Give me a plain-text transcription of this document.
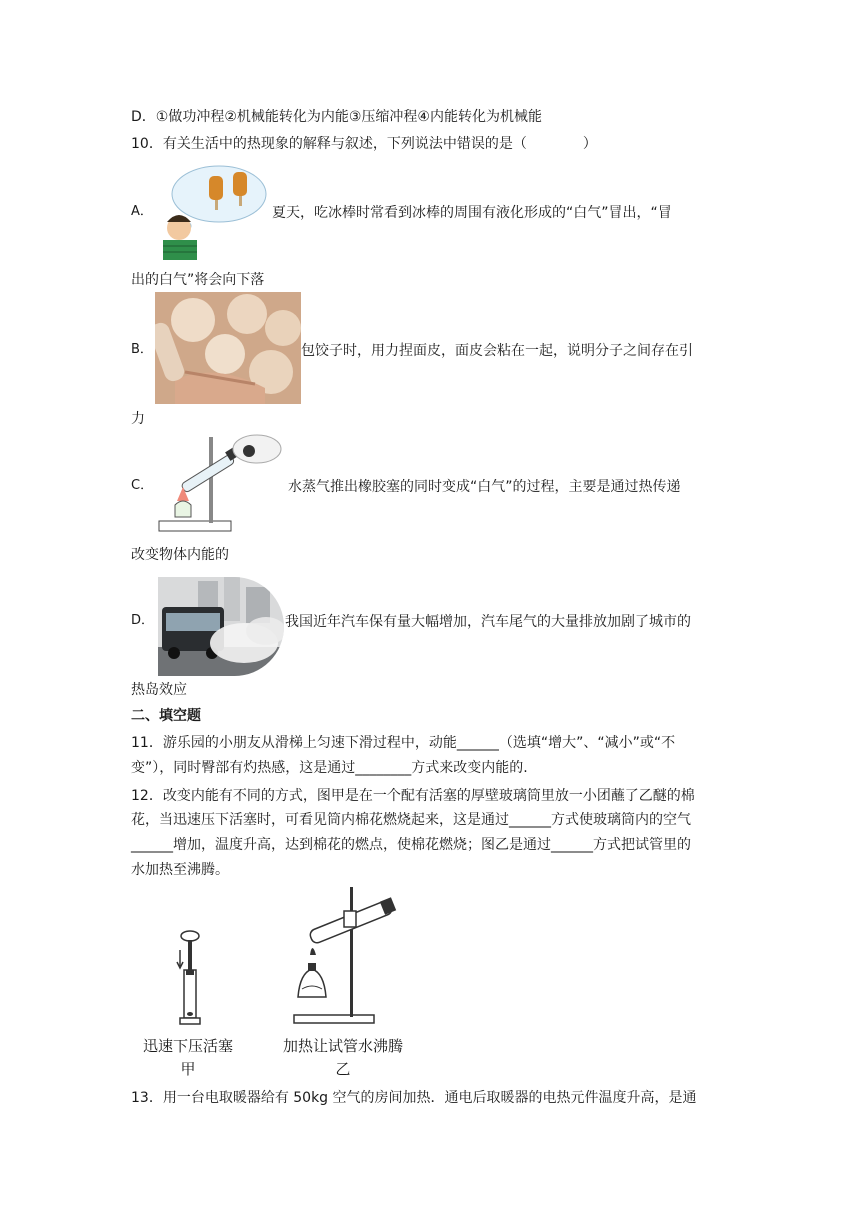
D．①做功冲程②机械能转化为内能③压缩冲程④内能转化为机械能
10．有关生活中的热现象的解释与叙述，下列说法中错误的是（　　　　）
A．	夏天，吃冰棒时常看到冰棒的周围有液化形成的“白气”冒出，“冒
出的白气”将会向下落
B．	包饺子时，用力捏面皮，面皮会粘在一起，说明分子之间存在引
力
C．	水蒸气推出橡胶塞的同时变成“白气”的过程，主要是通过热传递
改变物体内能的
D．	我国近年汽车保有量大幅增加，汽车尾气的大量排放加剧了城市的
热岛效应
二、填空题
11．游乐园的小朋友从滑梯上匀速下滑过程中，动能______（选填“增大”、“减小”或“不
变”），同时臀部有灼热感，这是通过________方式来改变内能的.
12．改变内能有不同的方式，图甲是在一个配有活塞的厚壁玻璃筒里放一小团蘸了乙醚的棉
花，当迅速压下活塞时，可看见筒内棉花燃烧起来，这是通过______方式使玻璃筒内的空气
______增加，温度升高，达到棉花的燃点，使棉花燃烧；图乙是通过______方式把试管里的
水加热至沸腾。
迅速下压活塞
甲
加热让试管水沸腾
乙
13．用一台电取暖器给有 50kg 空气的房间加热．通电后取暖器的电热元件温度升高，是通
